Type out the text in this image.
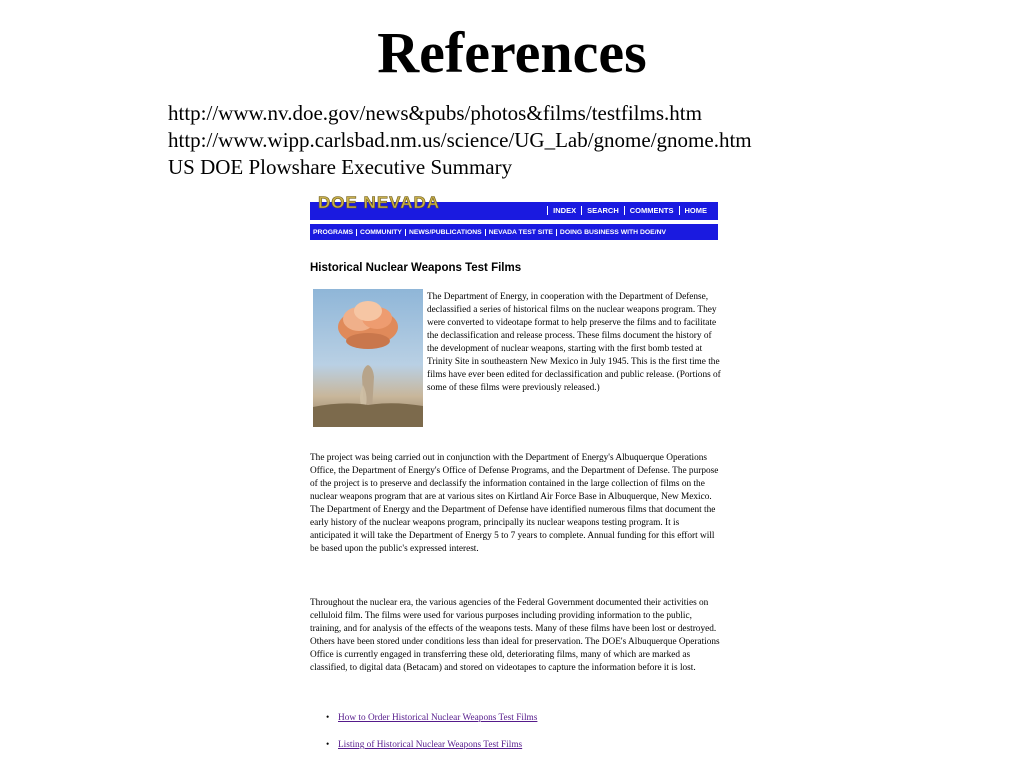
References
http://www.nv.doe.gov/news&pubs/photos&films/testfilms.htm
http://www.wipp.carlsbad.nm.us/science/UG_Lab/gnome/gnome.htm
US DOE Plowshare Executive Summary
DOE NEVADA	INDEX	SEARCH	COMMENTS	HOME
PROGRAMS	COMMUNITY	NEWS/PUBLICATIONS	NEVADA TEST SITE	DOING BUSINESS WITH DOE/NV
Historical Nuclear Weapons Test Films

The Department of Energy, in cooperation with the Department of Defense, declassified a series of historical films on the nuclear weapons program. They were converted to videotape format to help preserve the films and to facilitate the declassification and release process. These films document the history of the development of nuclear weapons, starting with the first bomb tested at Trinity Site in southeastern New Mexico in July 1945. This is the first time the films have ever been edited for declassification and public release. (Portions of some of these films were previously released.)

The project was being carried out in conjunction with the Department of Energy's Albuquerque Operations Office, the Department of Energy's Office of Defense Programs, and the Department of Defense. The purpose of the project is to preserve and declassify the information contained in the large collection of films on the nuclear weapons program that are at various sites on Kirtland Air Force Base in Albuquerque, New Mexico. The Department of Energy and the Department of Defense have identified numerous films that document the early history of the nuclear weapons program, principally its nuclear weapons testing program. It is anticipated it will take the Department of Energy 5 to 7 years to complete. Annual funding for this effort will be based upon the public's expressed interest.

Throughout the nuclear era, the various agencies of the Federal Government documented their activities on celluloid film. The films were used for various purposes including providing information to the public, training, and for analysis of the effects of the weapons tests. Many of these films have been lost or destroyed. Others have been stored under conditions less than ideal for preservation. The DOE's Albuquerque Operations Office is currently engaged in transferring these old, deteriorating films, many of which are marked as classified, to digital data (Betacam) and stored on videotapes to capture the information before it is lost.

• How to Order Historical Nuclear Weapons Test Films
• Listing of Historical Nuclear Weapons Test Films
